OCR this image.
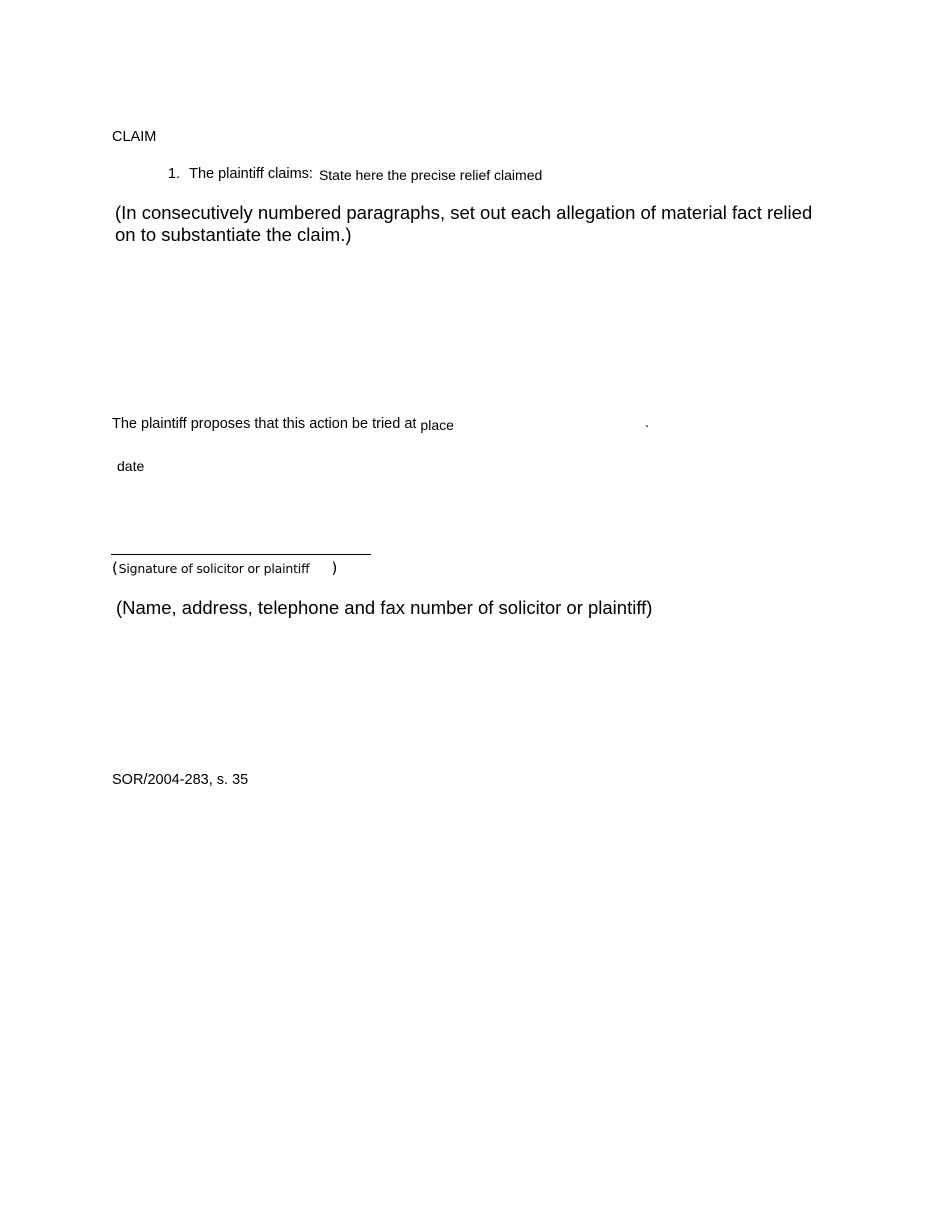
CLAIM
1. The plaintiff claims: State here the precise relief claimed
(In consecutively numbered paragraphs, set out each allegation of material fact relied on to substantiate the claim.)
The plaintiff proposes that this action be tried at place	.
date
(Signature of solicitor or plaintiff )
(Name, address, telephone and fax number of solicitor or plaintiff)
SOR/2004-283, s. 35
